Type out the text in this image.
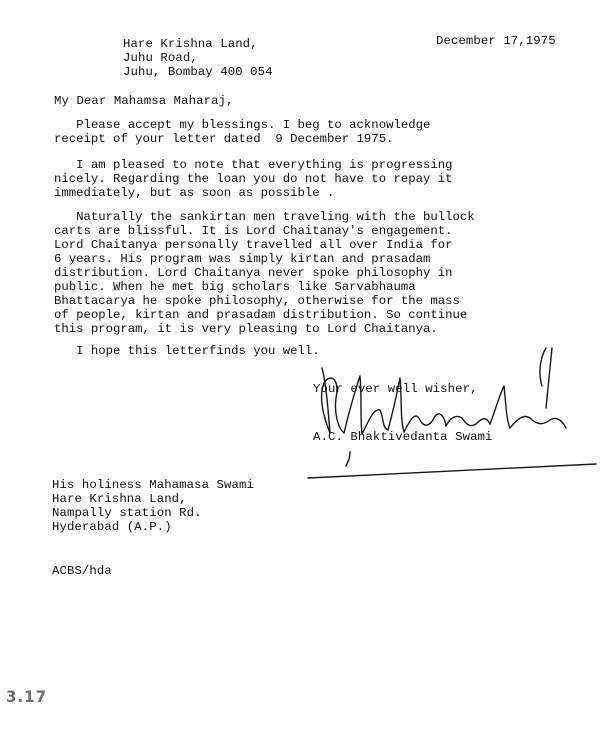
December 17,1975
Hare Krishna Land,
Juhu Road,
Juhu, Bombay 400 054
My Dear Mahamsa Maharaj,
Please accept my blessings. I beg to acknowledge
receipt of your letter dated  9 December 1975.
I am pleased to note that everything is progressing
nicely. Regarding the loan you do not have to repay it
immediately, but as soon as possible .
Naturally the sankirtan men traveling with the bullock
carts are blissful. It is Lord Chaitanay's engagement.
Lord Chaitanya personally travelled all over India for
6 years. His program was simply kirtan and prasadam
distribution. Lord Chaitanya never spoke philosophy in
public. When he met big scholars like Sarvabhauma
Bhattacarya he spoke philosophy, otherwise for the mass
of people, kirtan and prasadam distribution. So continue
this program, it is very pleasing to Lord Chaitanya.
I hope this letterfinds you well.
Your ever well wisher,
A.C. Bhaktivedanta Swami
His holiness Mahamasa Swami
Hare Krishna Land,
Nampally station Rd.
Hyderabad (A.P.)
ACBS/hda
3.17
